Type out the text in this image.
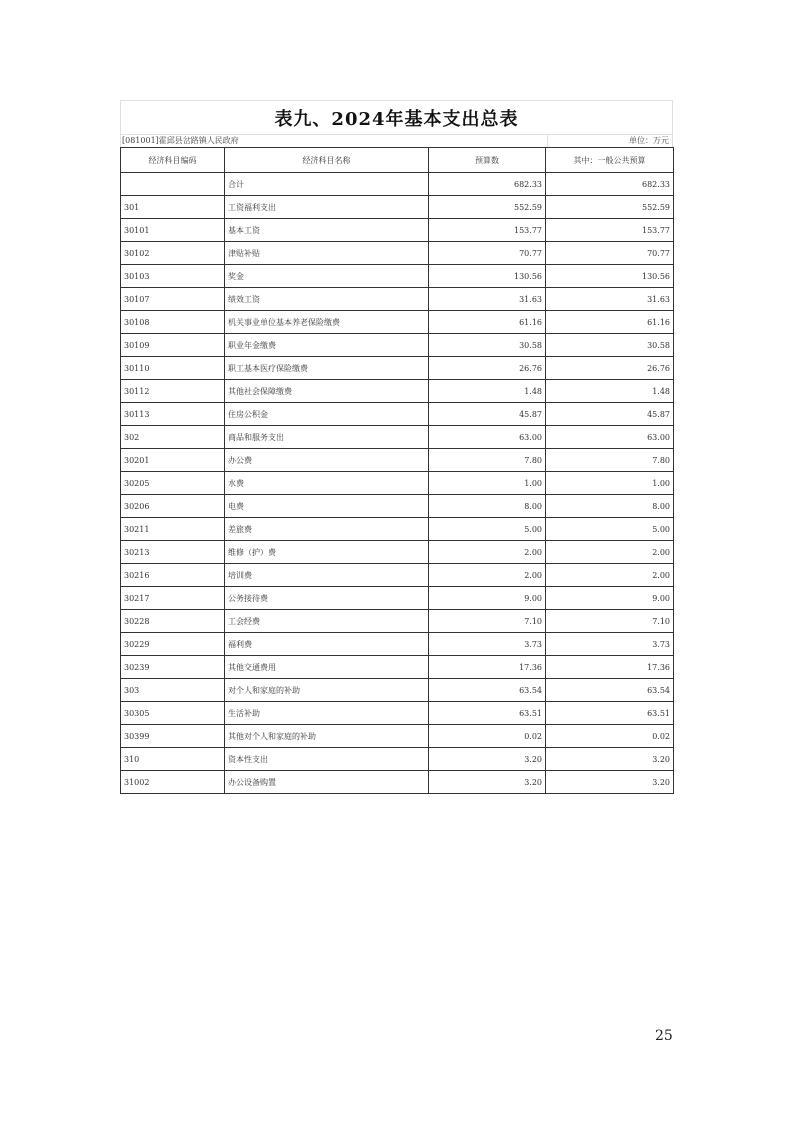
表九、2024年基本支出总表
[081001]霍邱县岔路镇人民政府	单位：万元
经济科目编码	经济科目名称	预算数	其中：一般公共预算
	合计	682.33	682.33
301	工资福利支出	552.59	552.59
30101	基本工资	153.77	153.77
30102	津贴补贴	70.77	70.77
30103	奖金	130.56	130.56
30107	绩效工资	31.63	31.63
30108	机关事业单位基本养老保险缴费	61.16	61.16
30109	职业年金缴费	30.58	30.58
30110	职工基本医疗保险缴费	26.76	26.76
30112	其他社会保障缴费	1.48	1.48
30113	住房公积金	45.87	45.87
302	商品和服务支出	63.00	63.00
30201	办公费	7.80	7.80
30205	水费	1.00	1.00
30206	电费	8.00	8.00
30211	差旅费	5.00	5.00
30213	维修（护）费	2.00	2.00
30216	培训费	2.00	2.00
30217	公务接待费	9.00	9.00
30228	工会经费	7.10	7.10
30229	福利费	3.73	3.73
30239	其他交通费用	17.36	17.36
303	对个人和家庭的补助	63.54	63.54
30305	生活补助	63.51	63.51
30399	其他对个人和家庭的补助	0.02	0.02
310	资本性支出	3.20	3.20
31002	办公设备购置	3.20	3.20
25
